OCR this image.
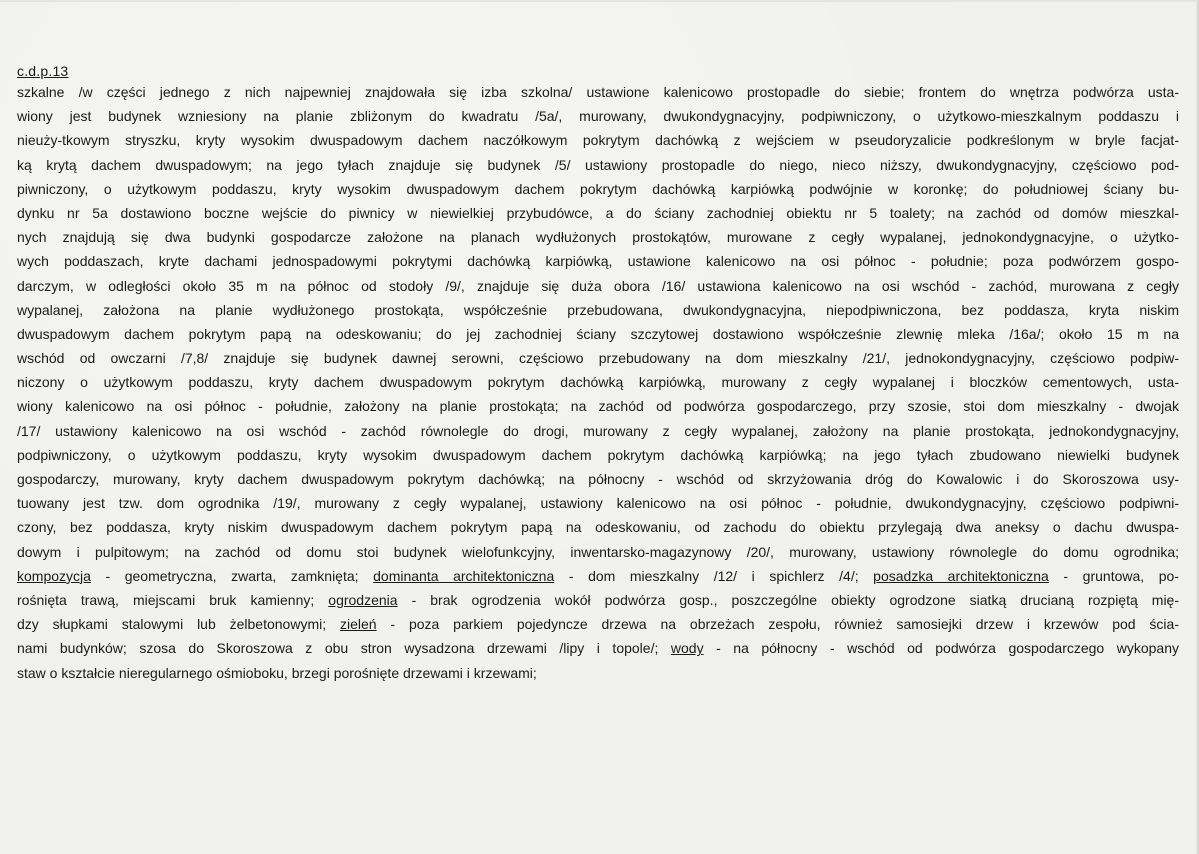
c.d.p.13
szkalne /w części jednego z nich najpewniej znajdowała się izba szkolna/ ustawione kalenicowo prostopadle do siebie; frontem do wnętrza podwórza usta-
wiony jest budynek wzniesiony na planie zbliżonym do kwadratu /5a/, murowany, dwukondygnacyjny, podpiwniczony, o użytkowo-mieszkalnym poddaszu i
nieuży-tkowym stryszku, kryty wysokim dwuspadowym dachem naczółkowym pokrytym dachówką z wejściem w pseudoryzalicie podkreślonym w bryle facjat-
ką krytą dachem dwuspadowym; na jego tyłach znajduje się budynek /5/ ustawiony prostopadle do niego, nieco niższy, dwukondygnacyjny, częściowo pod-
piwniczony, o użytkowym poddaszu, kryty wysokim dwuspadowym dachem pokrytym dachówką karpiówką podwójnie w koronkę; do południowej ściany bu-
dynku nr 5a dostawiono boczne wejście do piwnicy w niewielkiej przybudówce, a do ściany zachodniej obiektu nr 5 toalety; na zachód od domów mieszkal-
nych znajdują się dwa budynki gospodarcze założone na planach wydłużonych prostokątów, murowane z cegły wypalanej, jednokondygnacyjne, o użytko-
wych poddaszach, kryte dachami jednospadowymi pokrytymi dachówką karpiówką, ustawione kalenicowo na osi północ - południe; poza podwórzem gospo-
darczym, w odległości około 35 m na północ od stodoły /9/, znajduje się duża obora /16/ ustawiona kalenicowo na osi wschód - zachód, murowana z cegły
wypalanej, założona na planie wydłużonego prostokąta, współcześnie przebudowana, dwukondygnacyjna, niepodpiwniczona, bez poddasza, kryta niskim
dwuspadowym dachem pokrytym papą na odeskowaniu; do jej zachodniej ściany szczytowej dostawiono współcześnie zlewnię mleka /16a/; około 15 m na
wschód od owczarni /7,8/ znajduje się budynek dawnej serowni, częściowo przebudowany na dom mieszkalny /21/, jednokondygnacyjny, częściowo podpiw-
niczony o użytkowym poddaszu, kryty dachem dwuspadowym pokrytym dachówką karpiówką, murowany z cegły wypalanej i bloczków cementowych, usta-
wiony kalenicowo na osi północ - południe, założony na planie prostokąta; na zachód od podwórza gospodarczego, przy szosie, stoi dom mieszkalny - dwojak
/17/ ustawiony kalenicowo na osi wschód - zachód równolegle do drogi, murowany z cegły wypalanej, założony na planie prostokąta, jednokondygnacyjny,
podpiwniczony, o użytkowym poddaszu, kryty wysokim dwuspadowym dachem pokrytym dachówką karpiówką; na jego tyłach zbudowano niewielki budynek
gospodarczy, murowany, kryty dachem dwuspadowym pokrytym dachówką; na północny - wschód od skrzyżowania dróg do Kowalowic i do Skoroszowa usy-
tuowany jest tzw. dom ogrodnika /19/, murowany z cegły wypalanej, ustawiony kalenicowo na osi północ - południe, dwukondygnacyjny, częściowo podpiwni-
czony, bez poddasza, kryty niskim dwuspadowym dachem pokrytym papą na odeskowaniu, od zachodu do obiektu przylegają dwa aneksy o dachu dwuspa-
dowym i pulpitowym; na zachód od domu stoi budynek wielofunkcyjny, inwentarsko-magazynowy /20/, murowany, ustawiony równolegle do domu ogrodnika;
kompozycja - geometryczna, zwarta, zamknięta; dominanta architektoniczna - dom mieszkalny /12/ i spichlerz /4/; posadzka architektoniczna - gruntowa, po-
rośnięta trawą, miejscami bruk kamienny; ogrodzenia - brak ogrodzenia wokół podwórza gosp., poszczególne obiekty ogrodzone siatką drucianą rozpiętą mię-
dzy słupkami stalowymi lub żelbetonowymi; zieleń - poza parkiem pojedyncze drzewa na obrzeżach zespołu, również samosiejki drzew i krzewów pod ścia-
nami budynków; szosa do Skoroszowa z obu stron wysadzona drzewami /lipy i topole/; wody - na północny - wschód od podwórza gospodarczego wykopany
staw o kształcie nieregularnego ośmioboku, brzegi porośnięte drzewami i krzewami;
